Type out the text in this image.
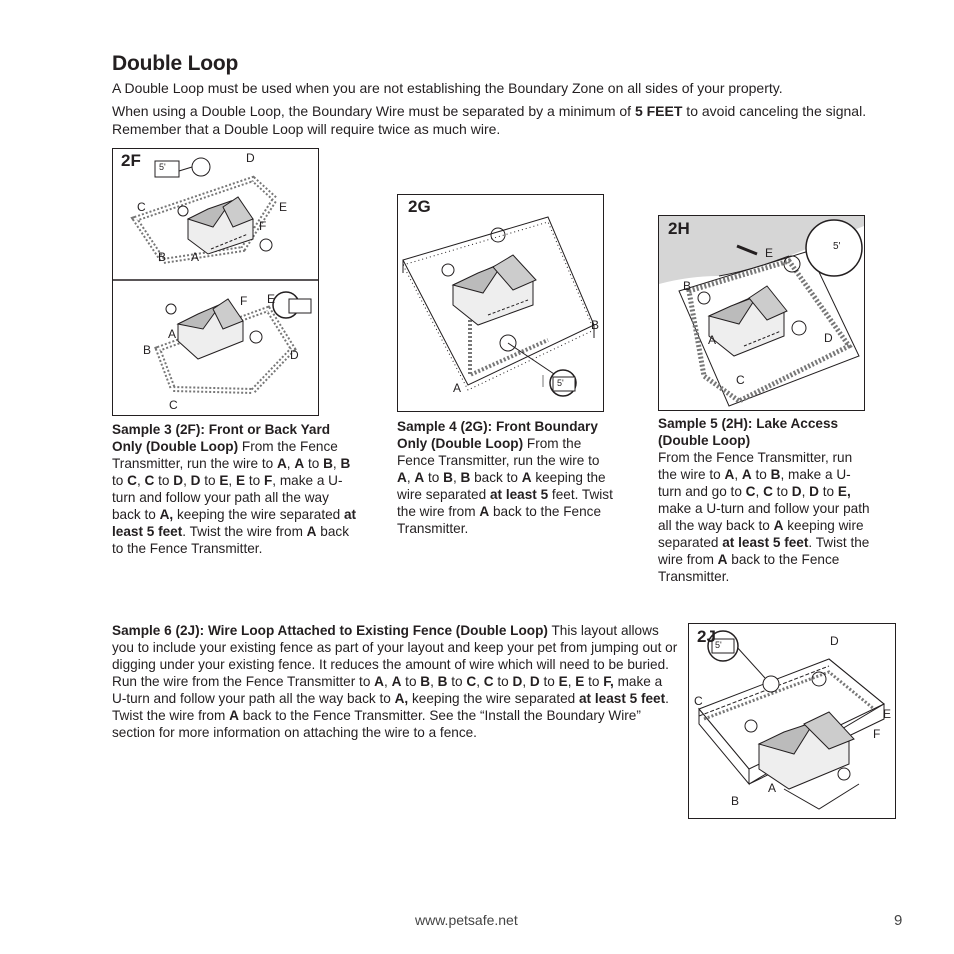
Double Loop
A Double Loop must be used when you are not establishing the Boundary Zone on all sides of your property.
When using a Double Loop, the Boundary Wire must be separated by a minimum of 5 FEET to avoid canceling the signal. Remember that a Double Loop will require twice as much wire.
2F 5'
D
C	E
F
B A
F E
A
B	D
C
2G
B
A	5'
2H
5'
E
B
A	D
C
2J 5'	D
C
E
F
A
B
Sample 3 (2F): Front or Back Yard Only (Double Loop) From the Fence Transmitter, run the wire to A, A to B, B to C, C to D, D to E, E to F, make a U-turn and follow your path all the way back to A, keeping the wire separated at least 5 feet. Twist the wire from A back to the Fence Transmitter.
Sample 4 (2G): Front Boundary Only (Double Loop) From the Fence Transmitter, run the wire to A, A to B, B back to A keeping the wire separated at least 5 feet. Twist the wire from A back to the Fence Transmitter.
Sample 5 (2H): Lake Access (Double Loop)
From the Fence Transmitter, run the wire to A, A to B, make a U-turn and go to C, C to D, D to E, make a U-turn and follow your path all the way back to A keeping wire separated at least 5 feet. Twist the wire from A back to the Fence Transmitter.
Sample 6 (2J): Wire Loop Attached to Existing Fence (Double Loop) This layout allows you to include your existing fence as part of your layout and keep your pet from jumping out or digging under your existing fence. It reduces the amount of wire which will need to be buried. Run the wire from the Fence Transmitter to A, A to B, B to C, C to D, D to E, E to F, make a U-turn and follow your path all the way back to A, keeping the wire separated at least 5 feet. Twist the wire from A back to the Fence Transmitter. See the “Install the Boundary Wire” section for more information on attaching the wire to a fence.
www.petsafe.net	9
